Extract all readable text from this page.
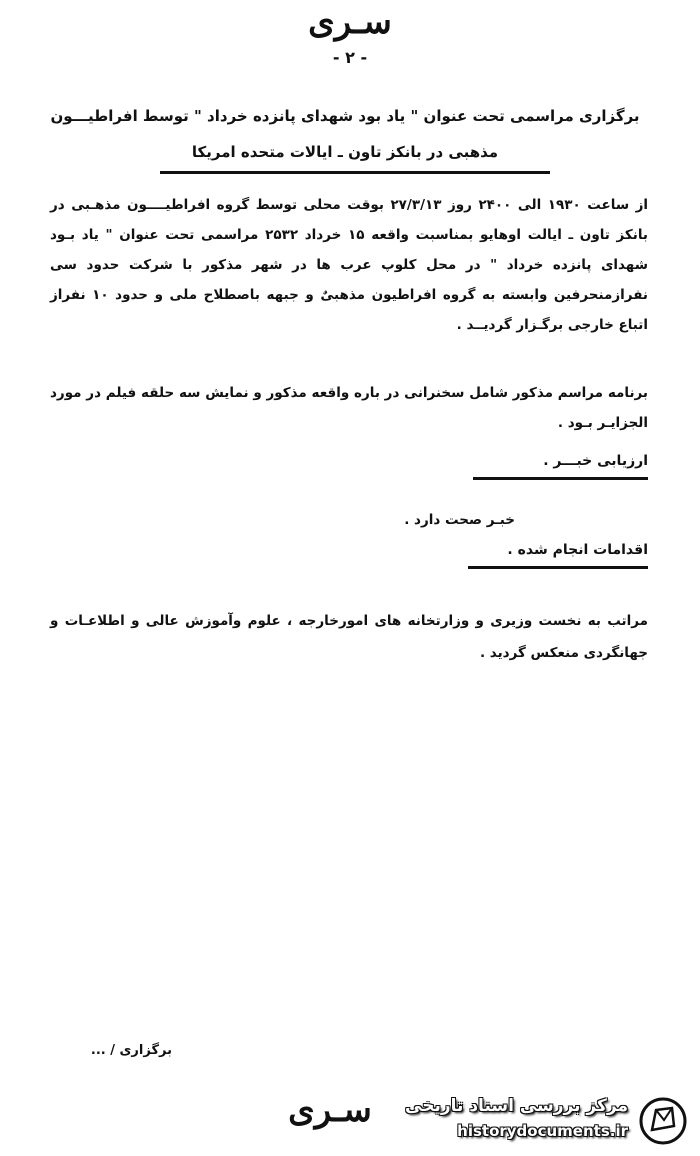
سـری
- ۲ -
برگزاری مراسمی تحت عنوان " یاد بود شهدای پانزده خرداد " توسط افراطیـــون مذهبی در بانکز تاون ـ ایالات متحده امریکا
از ساعت ۱۹۳۰ الی ۲۴۰۰ روز ۲۷/۳/۱۳ بوقت محلی توسط گروه افراطیــــون مذهـبی در بانکز تاون ـ ایالت اوهایو بمناسبت واقعه ۱۵ خرداد ۲۵۳۲ مراسمی تحت عنوان " یاد بـود شهدای پانزده خرداد " در محل کلوپ عرب ها در شهر مذکور با شرکت حدود سی نفرازمنحرفین وابسته به گروه افراطیون مذهبیٌ و جبهه باصطلاح ملی و حدود ۱۰ نفراز اتباع خارجی برگـزار گردیــد .
برنامه مراسم مذکور شامل سخنرانی در باره واقعه مذکور و نمایش سه حلقه فیلم در مورد الجزایـر بـود .
ارزیابی خبـــر .
خبـر صحت دارد .
اقدامات انجام شده .
مراتب به نخست وزیری و وزارتخانه های امورخارجه ، علوم وآموزش عالی و اطلاعـات و جهانگردی منعکس گردید .
برگزاری / ...
سـری	مرکز بررسی اسناد تاریخی
historydocuments.ir
